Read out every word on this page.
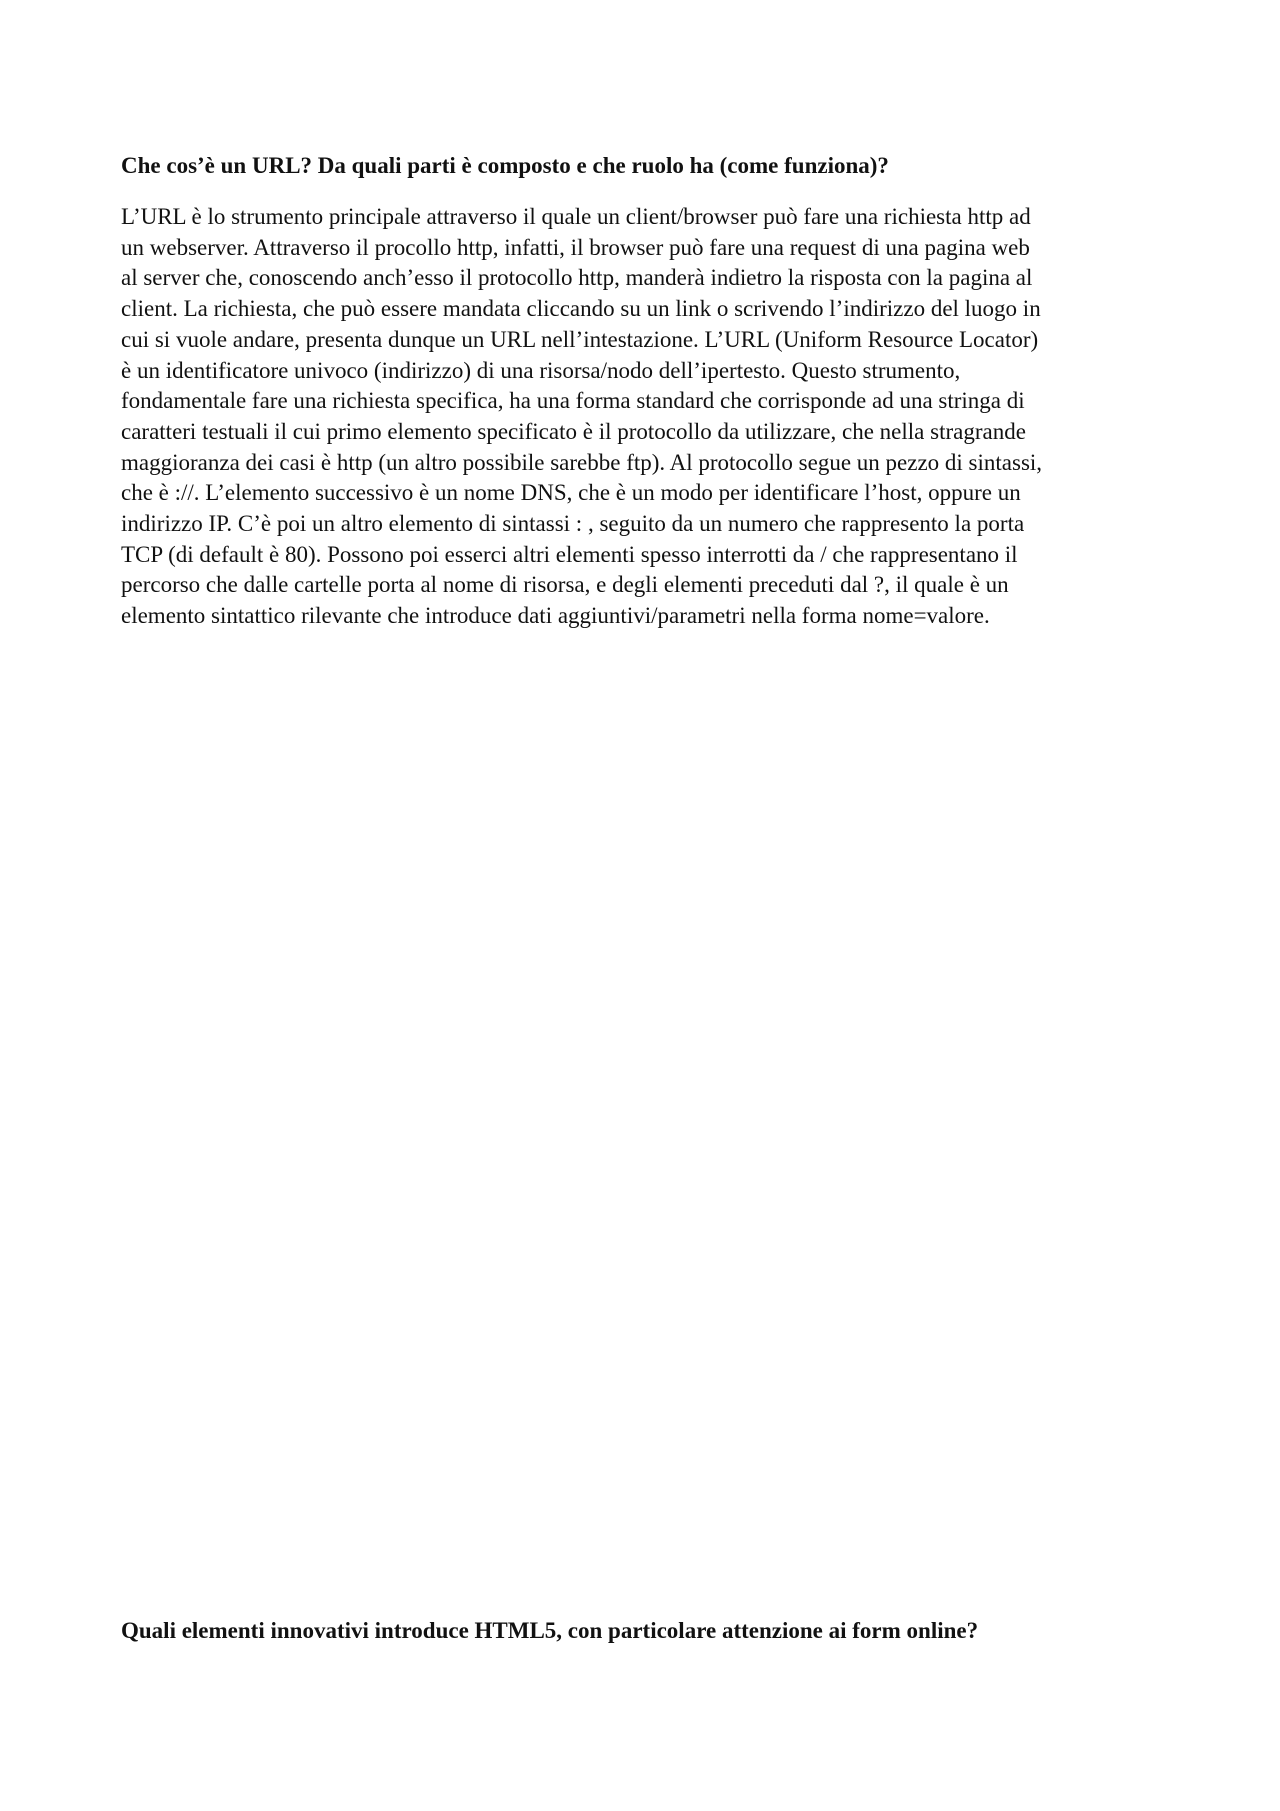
Che cos’è un URL? Da quali parti è composto e che ruolo ha (come funziona)?

L’URL è lo strumento principale attraverso il quale un client/browser può fare una richiesta http ad
un webserver. Attraverso il procollo http, infatti, il browser può fare una request di una pagina web
al server che, conoscendo anch’esso il protocollo http, manderà indietro la risposta con la pagina al
client. La richiesta, che può essere mandata cliccando su un link o scrivendo l’indirizzo del luogo in
cui si vuole andare, presenta dunque un URL nell’intestazione. L’URL (Uniform Resource Locator)
è un identificatore univoco (indirizzo) di una risorsa/nodo dell’ipertesto. Questo strumento,
fondamentale fare una richiesta specifica, ha una forma standard che corrisponde ad una stringa di
caratteri testuali il cui primo elemento specificato è il protocollo da utilizzare, che nella stragrande
maggioranza dei casi è http (un altro possibile sarebbe ftp). Al protocollo segue un pezzo di sintassi,
che è ://. L’elemento successivo è un nome DNS, che è un modo per identificare l’host, oppure un
indirizzo IP. C’è poi un altro elemento di sintassi : , seguito da un numero che rappresento la porta
TCP (di default è 80). Possono poi esserci altri elementi spesso interrotti da / che rappresentano il
percorso che dalle cartelle porta al nome di risorsa, e degli elementi preceduti dal ?, il quale è un
elemento sintattico rilevante che introduce dati aggiuntivi/parametri nella forma nome=valore.

Quali elementi innovativi introduce HTML5, con particolare attenzione ai form online?
